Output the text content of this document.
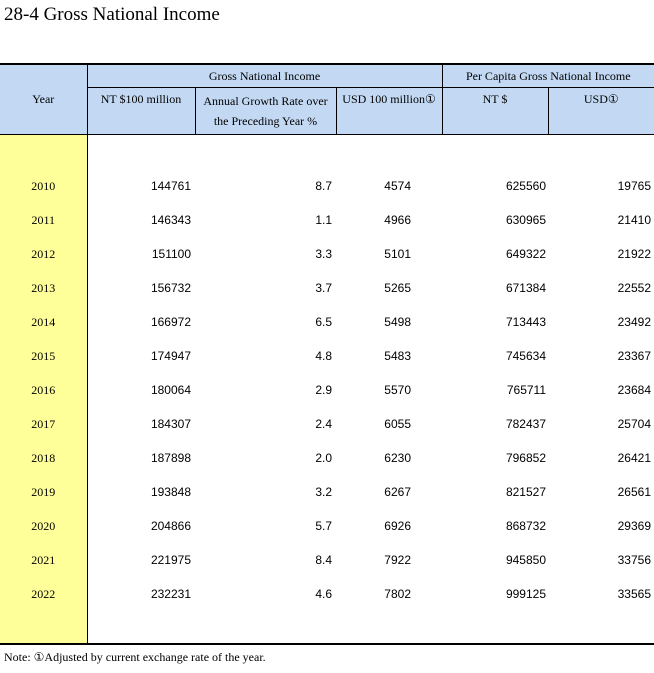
28-4 Gross National Income
Year	Gross National Income			Per Capita Gross National Income	
	NT $100 million	Annual Growth Rate over
the Preceding Year %	USD 100 million①	NT $	USD①

2010	144761	8.7	4574	625560	19765
2011	146343	1.1	4966	630965	21410
2012	151100	3.3	5101	649322	21922
2013	156732	3.7	5265	671384	22552
2014	166972	6.5	5498	713443	23492
2015	174947	4.8	5483	745634	23367
2016	180064	2.9	5570	765711	23684
2017	184307	2.4	6055	782437	25704
2018	187898	2.0	6230	796852	26421
2019	193848	3.2	6267	821527	26561
2020	204866	5.7	6926	868732	29369
2021	221975	8.4	7922	945850	33756
2022	232231	4.6	7802	999125	33565

Note: ①Adjusted by current exchange rate of the year.
